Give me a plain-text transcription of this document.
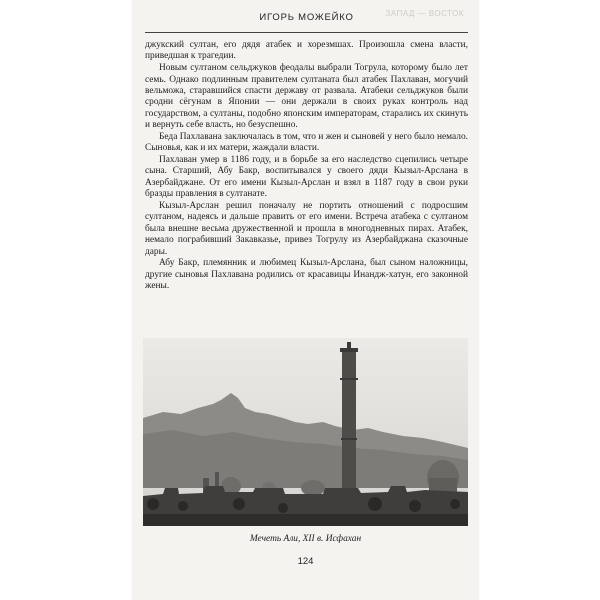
ЗАПАД — ВОСТОК
ИГОРЬ МОЖЕЙКО

джукский султан, его дядя атабек и хорезмшах. Произошла смена власти, приведшая к трагедии.

Новым султаном сельджуков феодалы выбрали Тогрула, которому было лет семь. Однако подлинным правителем султаната был атабек Пахлаван, могучий вельможа, старавшийся спасти державу от развала. Атабеки сельджуков были сродни сёгунам в Японии — они держали в своих руках контроль над государством, а султаны, подобно японским императорам, старались их скинуть и вернуть себе власть, но безуспешно.

Беда Пахлавана заключалась в том, что и жен и сыновей у него было немало. Сыновья, как и их матери, жаждали власти.

Пахлаван умер в 1186 году, и в борьбе за его наследство сцепились четыре сына. Старший, Абу Бакр, воспитывался у своего дяди Кызыл-Арслана в Азербайджане. От его имени Кызыл-Арслан и взял в 1187 году в свои руки бразды правления в султанате.

Кызыл-Арслан решил поначалу не портить отношений с подросшим султаном, надеясь и дальше править от его имени. Встреча атабека с султаном была внешне весьма дружественной и прошла в многодневных пирах. Атабек, немало пограбивший Закавказье, привез Тогрулу из Азербайджана сказочные дары.

Абу Бакр, племянник и любимец Кызыл-Арслана, был сыном наложницы, другие сыновья Пахлавана родились от красавицы Инандж-хатун, его законной жены.

Мечеть Али, XII в. Исфахан
124
